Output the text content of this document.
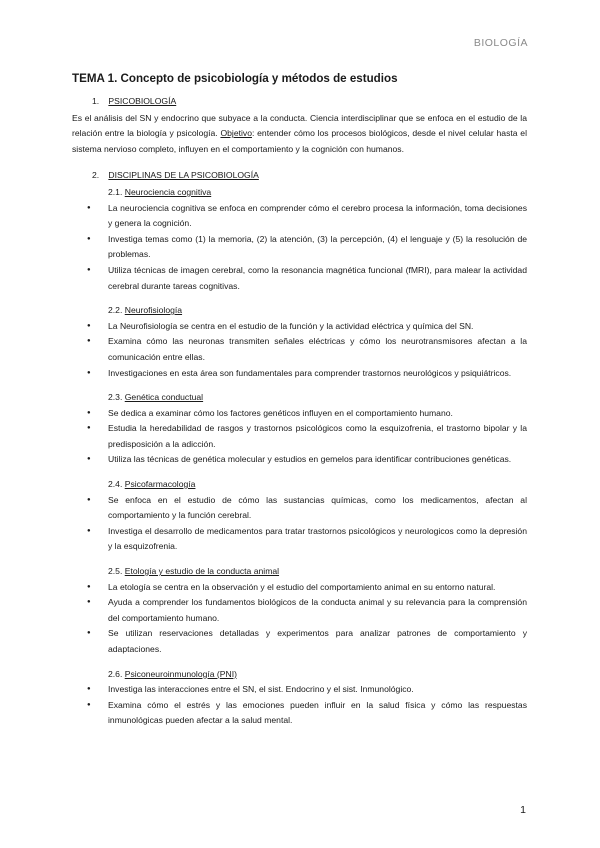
BIOLOGÍA
TEMA 1. Concepto de psicobiología y métodos de estudios
1. PSICOBIOLOGÍA
Es el análisis del SN y endocrino que subyace a la conducta. Ciencia interdisciplinar que se enfoca en el estudio de la relación entre la biología y psicología. Objetivo: entender cómo los procesos biológicos, desde el nivel celular hasta el sistema nervioso completo, influyen en el comportamiento y la cognición con humanos.
2. DISCIPLINAS DE LA PSICOBIOLOGÍA
2.1. Neurociencia cognitiva
● La neurociencia cognitiva se enfoca en comprender cómo el cerebro procesa la información, toma decisiones y genera la cognición.
● Investiga temas como (1) la memoria, (2) la atención, (3) la percepción, (4) el lenguaje y (5) la resolución de problemas.
● Utiliza técnicas de imagen cerebral, como la resonancia magnética funcional (fMRI), para malear la actividad cerebral durante tareas cognitivas.
2.2. Neurofisiología
● La Neurofisiología se centra en el estudio de la función y la actividad eléctrica y química del SN.
● Examina cómo las neuronas transmiten señales eléctricas y cómo los neurotransmisores afectan a la comunicación entre ellas.
● Investigaciones en esta área son fundamentales para comprender trastornos neurológicos y psiquiátricos.
2.3. Genética conductual
● Se dedica a examinar cómo los factores genéticos influyen en el comportamiento humano.
● Estudia la heredabilidad de rasgos y trastornos psicológicos como la esquizofrenia, el trastorno bipolar y la predisposición a la adicción.
● Utiliza las técnicas de genética molecular y estudios en gemelos para identificar contribuciones genéticas.
2.4. Psicofarmacología
● Se enfoca en el estudio de cómo las sustancias químicas, como los medicamentos, afectan al comportamiento y la función cerebral.
● Investiga el desarrollo de medicamentos para tratar trastornos psicológicos y neurologicos como la depresión y la esquizofrenia.
2.5. Etología y estudio de la conducta animal
● La etología se centra en la observación y el estudio del comportamiento animal en su entorno natural.
● Ayuda a comprender los fundamentos biológicos de la conducta animal y su relevancia para la comprensión del comportamiento humano.
● Se utilizan reservaciones detalladas y experimentos para analizar patrones de comportamiento y adaptaciones.
2.6. Psiconeuroinmunología (PNI)
● Investiga las interacciones entre el SN, el sist. Endocrino y el sist. Inmunológico.
● Examina cómo el estrés y las emociones pueden influir en la salud física y cómo las respuestas inmunológicas pueden afectar a la salud mental.
1
